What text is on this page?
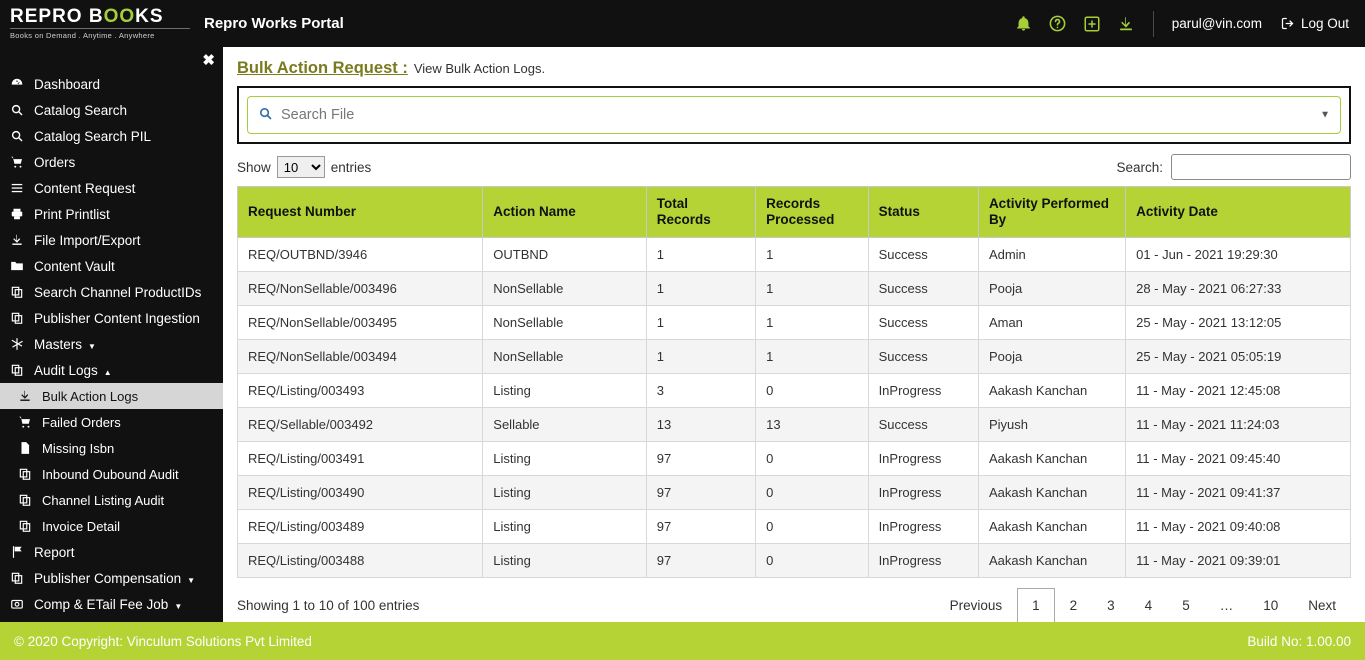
REPRO BOOKS
Books on Demand . Anytime . Anywhere
Repro Works Portal	parul@vin.com	Log Out
✖
Dashboard
Catalog Search
Catalog Search PIL
Orders
Content Request
Print Printlist
File Import/Export
Content Vault
Search Channel ProductIDs
Publisher Content Ingestion
Masters
▼
Audit Logs
▲
Bulk Action Logs
Failed Orders
Missing Isbn
Inbound Oubound Audit
Channel Listing Audit
Invoice Detail
Report
Publisher Compensation
▼
Comp & ETail Fee Job
▼
Bulk Action Request : View Bulk Action Logs.
Search File	▼
Show
10	entries	Search:
Request Number	Action Name	Total Records	Records Processed	Status	Activity Performed By	Activity Date
REQ/OUTBND/3946	OUTBND	1	1	Success	Admin	01 - Jun - 2021 19:29:30
REQ/NonSellable/003496	NonSellable	1	1	Success	Pooja	28 - May - 2021 06:27:33
REQ/NonSellable/003495	NonSellable	1	1	Success	Aman	25 - May - 2021 13:12:05
REQ/NonSellable/003494	NonSellable	1	1	Success	Pooja	25 - May - 2021 05:05:19
REQ/Listing/003493	Listing	3	0	InProgress	Aakash Kanchan	11 - May - 2021 12:45:08
REQ/Sellable/003492	Sellable	13	13	Success	Piyush	11 - May - 2021 11:24:03
REQ/Listing/003491	Listing	97	0	InProgress	Aakash Kanchan	11 - May - 2021 09:45:40
REQ/Listing/003490	Listing	97	0	InProgress	Aakash Kanchan	11 - May - 2021 09:41:37
REQ/Listing/003489	Listing	97	0	InProgress	Aakash Kanchan	11 - May - 2021 09:40:08
REQ/Listing/003488	Listing	97	0	InProgress	Aakash Kanchan	11 - May - 2021 09:39:01
Showing 1 to 10 of 100 entries	Previous	1	2	3	4	5	…	10	Next
© 2020 Copyright: Vinculum Solutions Pvt Limited	Build No: 1.00.00
